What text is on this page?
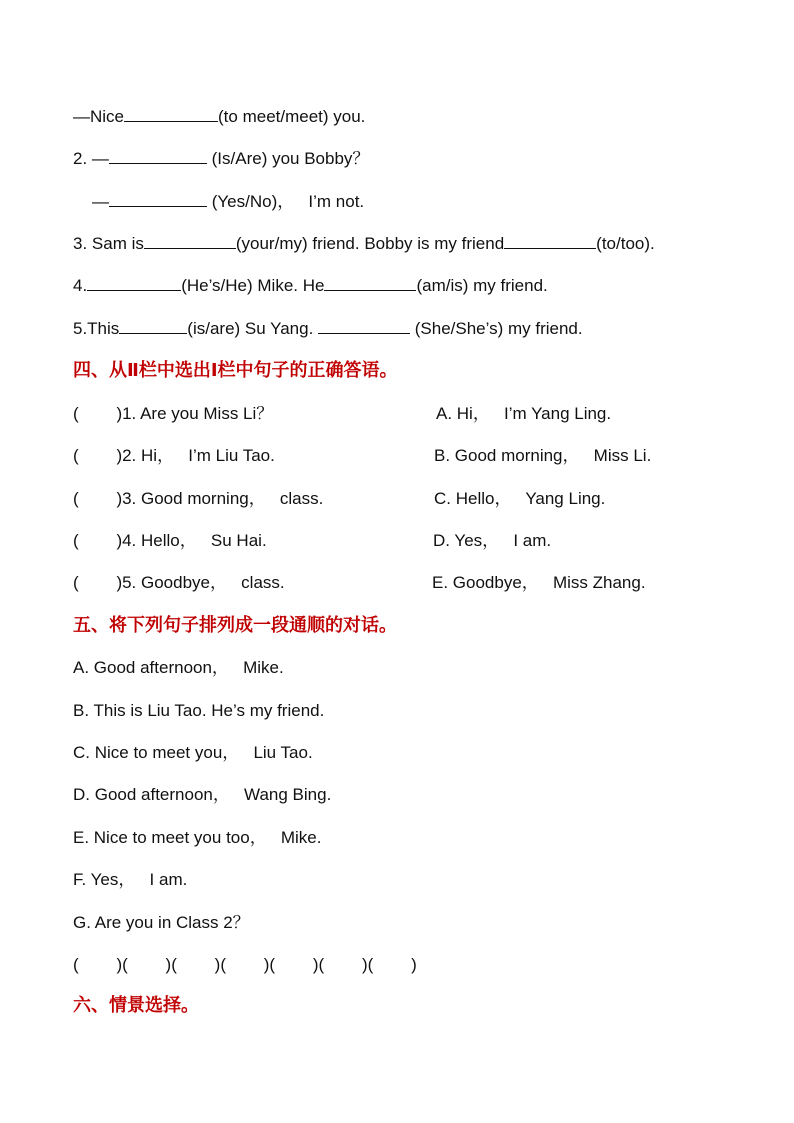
—Nice	(to meet/meet) you.
2. —	(Is/Are) you Bobby？
—	(Yes/No)，   I’m not.
3. Sam is	(your/my) friend. Bobby is my friend	(to/too).
4.	(He’s/He) Mike. He	(am/is) my friend.
5.This	(is/are) Su Yang.	(She/She’s) my friend.
四、从Ⅱ栏中选出Ⅰ栏中句子的正确答语。
(        )1. Are you Miss Li？	A. Hi，   I’m Yang Ling.
(        )2. Hi，   I’m Liu Tao.	B. Good morning，   Miss Li.
(        )3. Good morning，   class.	C. Hello，   Yang Ling.
(        )4. Hello，   Su Hai.	D. Yes，   I am.
(        )5. Goodbye，   class.	E. Goodbye，   Miss Zhang.
五、将下列句子排列成一段通顺的对话。
A. Good afternoon，   Mike.
B. This is Liu Tao. He’s my friend.
C. Nice to meet you，   Liu Tao.
D. Good afternoon，   Wang Bing.
E. Nice to meet you too，   Mike.
F. Yes，   I am.
G. Are you in Class 2？
(        )(        )(        )(        )(        )(        )(        )
六、情景选择。
